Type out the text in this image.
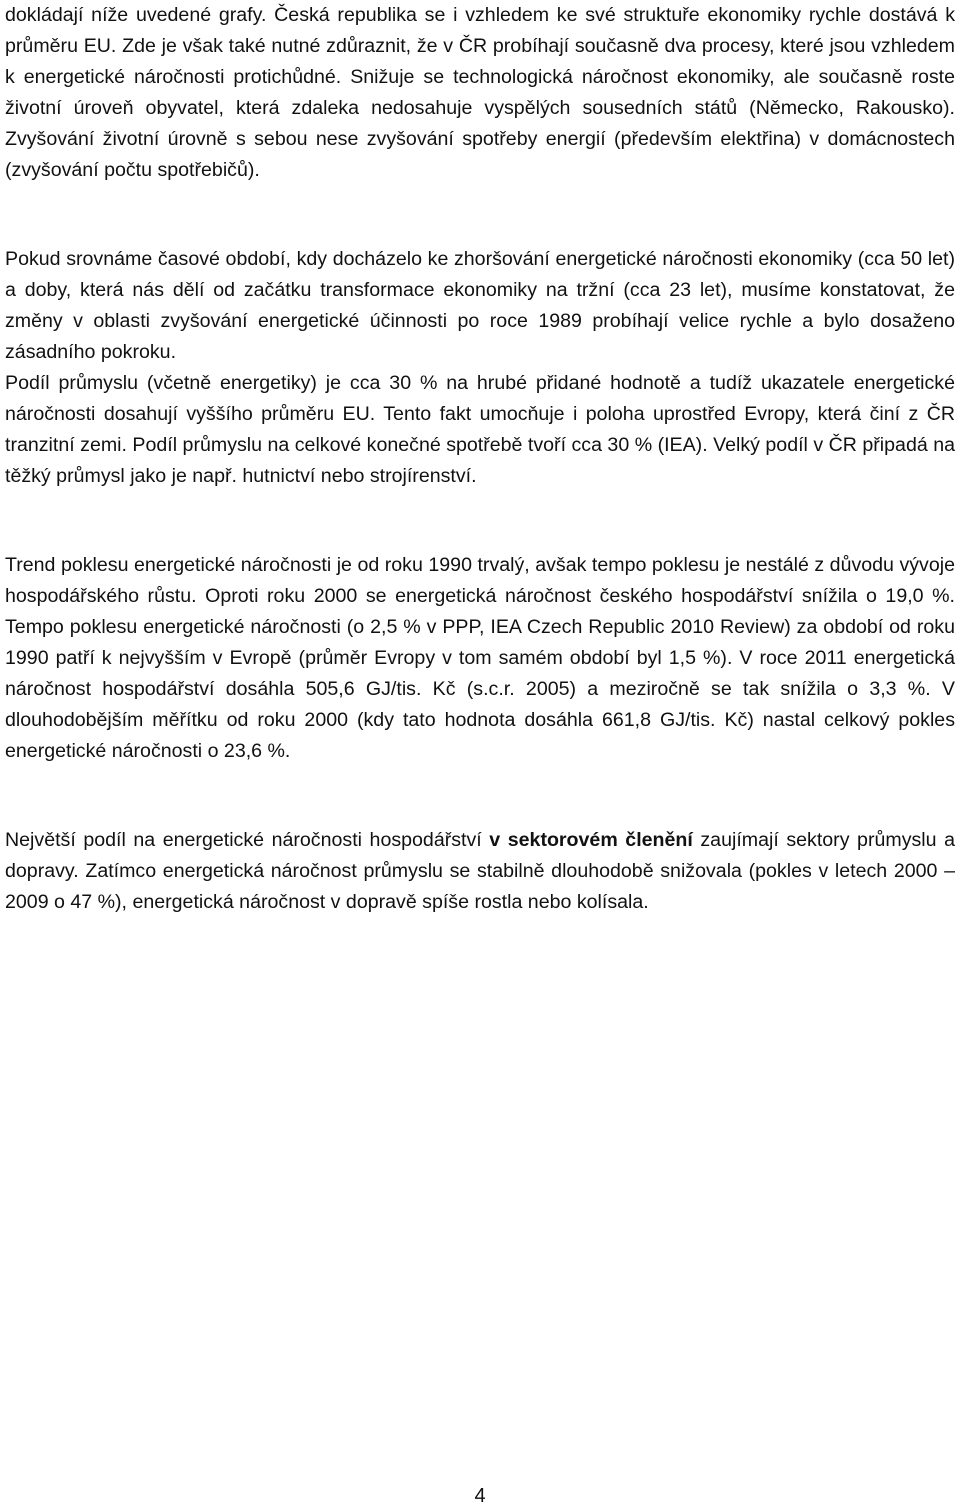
dokládají níže uvedené grafy. Česká republika se i vzhledem ke své struktuře ekonomiky rychle dostává k průměru EU. Zde je však také nutné zdůraznit, že v ČR probíhají současně dva procesy, které jsou vzhledem k energetické náročnosti protichůdné. Snižuje se technologická náročnost ekonomiky, ale současně roste životní úroveň obyvatel, která zdaleka nedosahuje vyspělých sousedních států (Německo, Rakousko). Zvyšování životní úrovně s sebou nese zvyšování spotřeby energií (především elektřina) v domácnostech (zvyšování počtu spotřebičů).

Pokud srovnáme časové období, kdy docházelo ke zhoršování energetické náročnosti ekonomiky (cca 50 let) a doby, která nás dělí od začátku transformace ekonomiky na tržní (cca 23 let), musíme konstatovat, že změny v oblasti zvyšování energetické účinnosti po roce 1989 probíhají velice rychle a bylo dosaženo zásadního pokroku.

Podíl průmyslu (včetně energetiky) je cca 30 % na hrubé přidané hodnotě a tudíž ukazatele energetické náročnosti dosahují vyššího průměru EU. Tento fakt umocňuje i poloha uprostřed Evropy, která činí z ČR tranzitní zemi. Podíl průmyslu na celkové konečné spotřebě tvoří cca 30 % (IEA). Velký podíl v ČR připadá na těžký průmysl jako je např. hutnictví nebo strojírenství.

Trend poklesu energetické náročnosti je od roku 1990 trvalý, avšak tempo poklesu je nestálé z důvodu vývoje hospodářského růstu. Oproti roku 2000 se energetická náročnost českého hospodářství snížila o 19,0 %. Tempo poklesu energetické náročnosti (o 2,5 % v PPP, IEA Czech Republic 2010 Review) za období od roku 1990 patří k nejvyšším v Evropě (průměr Evropy v tom samém období byl 1,5 %). V roce 2011 energetická náročnost hospodářství dosáhla 505,6 GJ/tis. Kč (s.c.r. 2005) a meziročně se tak snížila o 3,3 %. V dlouhodobějším měřítku od roku 2000 (kdy tato hodnota dosáhla 661,8 GJ/tis. Kč) nastal celkový pokles energetické náročnosti o 23,6 %.

Největší podíl na energetické náročnosti hospodářství v sektorovém členění zaujímají sektory průmyslu a dopravy. Zatímco energetická náročnost průmyslu se stabilně dlouhodobě snižovala (pokles v letech 2000 – 2009 o 47 %), energetická náročnost v dopravě spíše rostla nebo kolísala.

4
